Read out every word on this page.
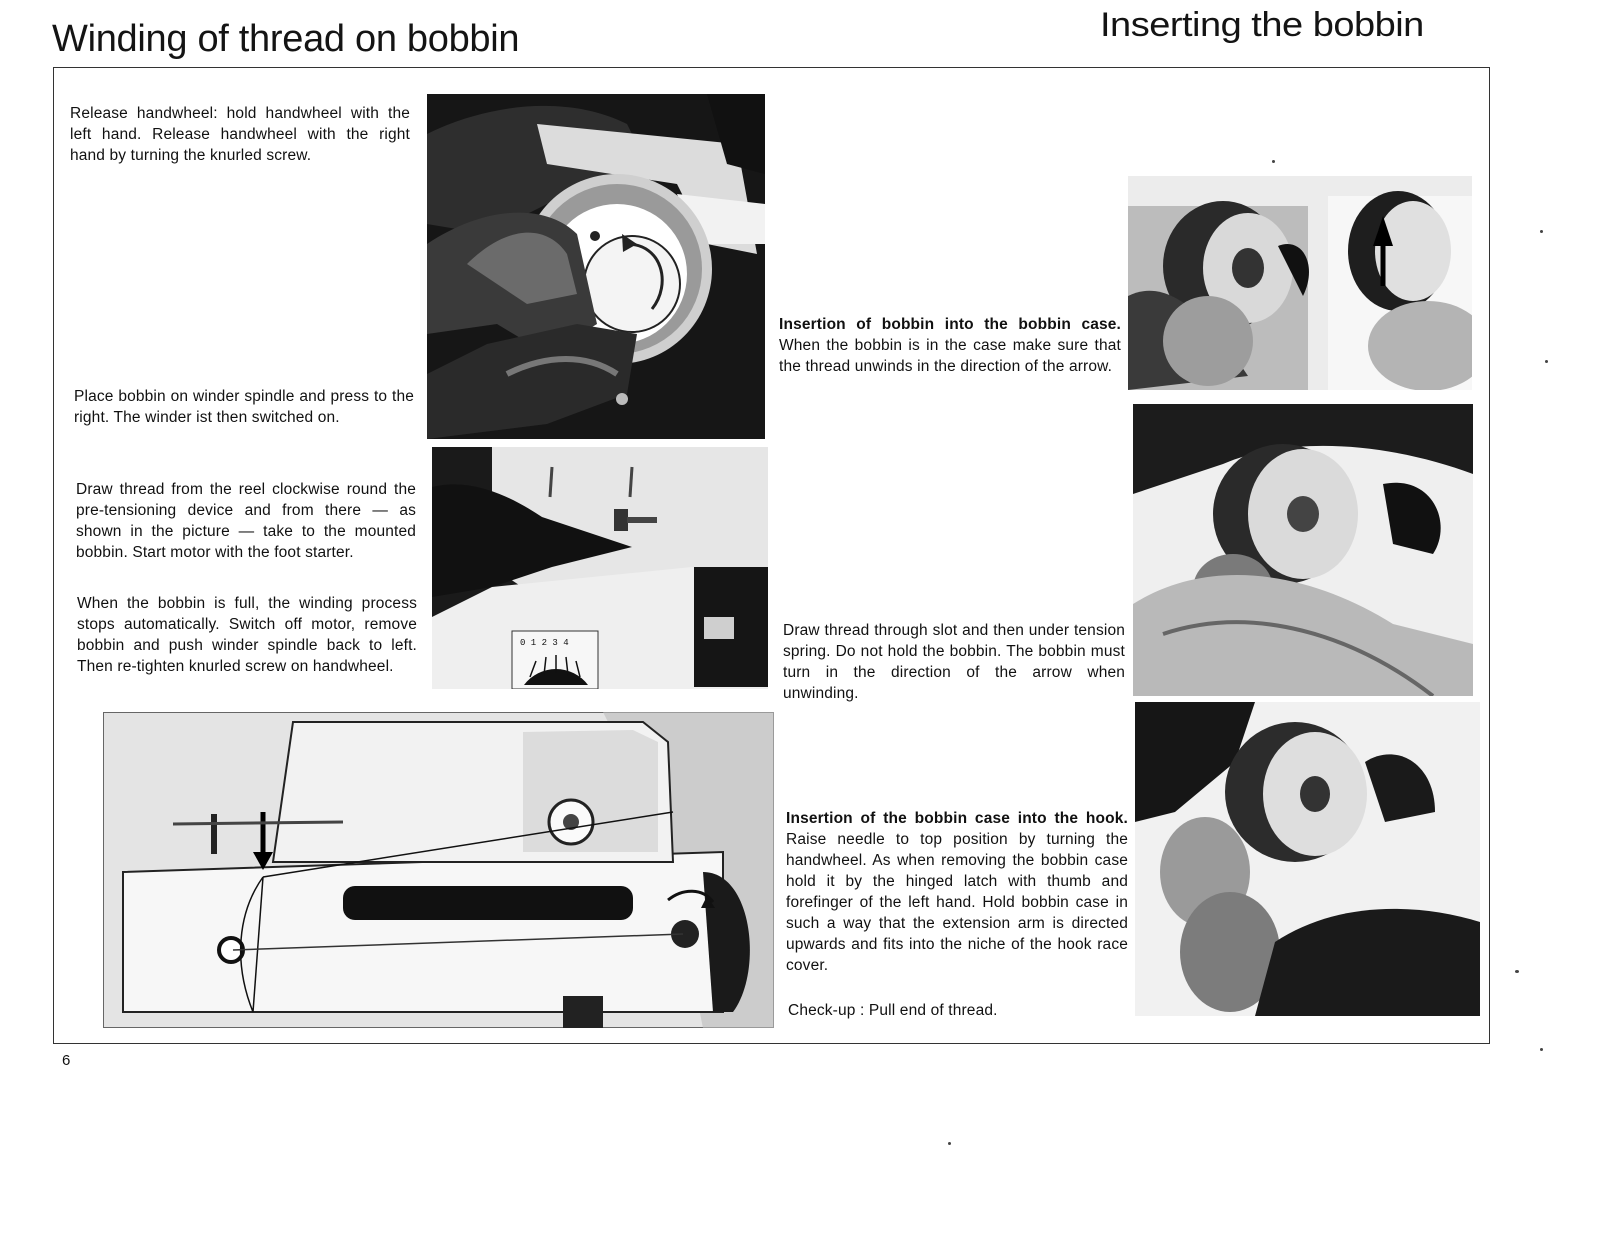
Winding of thread on bobbin	Inserting the bobbin
Release handwheel: hold handwheel with the left hand. Release handwheel with the right hand by turning the knurled screw.
Place bobbin on winder spindle and press to the right. The winder ist then switched on.
Draw thread from the reel clockwise round the pre-tensioning device and from there — as shown in the picture — take to the mounted bobbin. Start motor with the foot starter.
When the bobbin is full, the winding process stops automatically. Switch off motor, remove bobbin and push winder spindle back to left. Then re-tighten knurled screw on handwheel.
0 1 2 3 4
Insertion of bobbin into the bobbin case. When the bobbin is in the case make sure that the thread unwinds in the direction of the arrow.
Draw thread through slot and then under tension spring. Do not hold the bobbin. The bobbin must turn in the direction of the arrow when unwinding.
Insertion of the bobbin case into the hook. Raise needle to top position by turning the handwheel. As when removing the bobbin case hold it by the hinged latch with thumb and forefinger of the left hand. Hold bobbin case in such a way that the extension arm is directed upwards and fits into the niche of the hook race cover.
Check-up : Pull end of thread.
6
